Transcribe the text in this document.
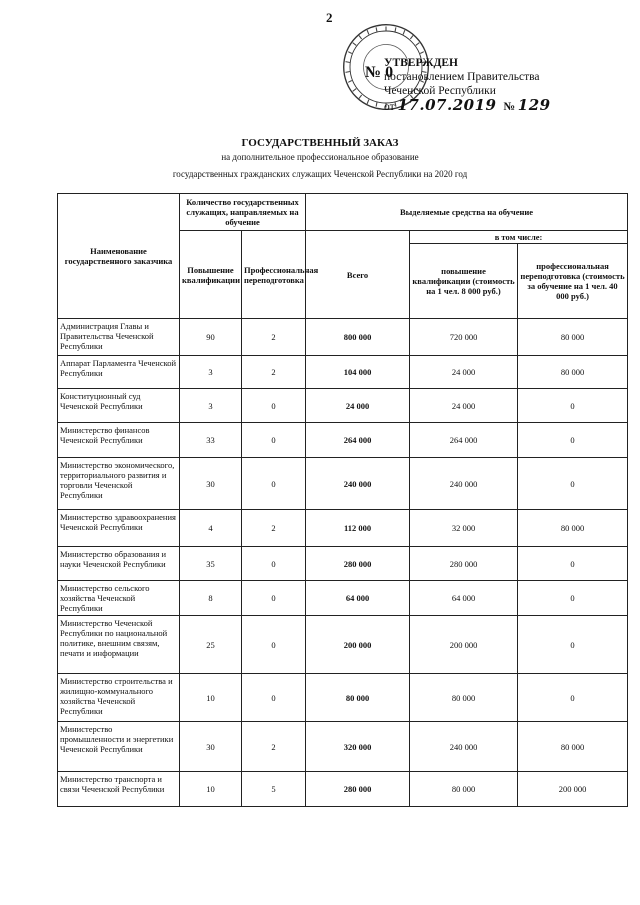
2
№ 0
УТВЕРЖДЕН
постановлением Правительства
Чеченской Республики
от 17.07.2019 № 129
ГОСУДАРСТВЕННЫЙ ЗАКАЗ
на дополнительное профессиональное образование
государственных гражданских служащих Чеченской Республики на 2020 год
Наименование государственного заказчика	Количество государственных служащих, направляемых на обучение		Выделяемые средства на обучение		
	Повышение квалификации	Профессиональная переподготовка	Всего	в том числе:	
				повышение квалификации (стоимость на 1 чел. 8 000 руб.)	профессиональная переподготовка (стоимость за обучение на 1 чел. 40 000 руб.)
Администрация Главы и Правительства Чеченской Республики	90	2	800 000	720 000	80 000
Аппарат Парламента Чеченской Республики	3	2	104 000	24 000	80 000
Конституционный суд Чеченской Республики	3	0	24 000	24 000	0
Министерство финансов Чеченской Республики	33	0	264 000	264 000	0
Министерство экономического, территориального развития и торговли Чеченской Республики	30	0	240 000	240 000	0
Министерство здравоохранения Чеченской Республики	4	2	112 000	32 000	80 000
Министерство образования и науки Чеченской Республики	35	0	280 000	280 000	0
Министерство сельского хозяйства Чеченской Республики	8	0	64 000	64 000	0
Министерство Чеченской Республики по национальной политике, внешним связям, печати и информации	25	0	200 000	200 000	0
Министерство строительства и жилищно-коммунального хозяйства Чеченской Республики	10	0	80 000	80 000	0
Министерство промышленности и энергетики Чеченской Республики	30	2	320 000	240 000	80 000
Министерство транспорта и связи Чеченской Республики	10	5	280 000	80 000	200 000
